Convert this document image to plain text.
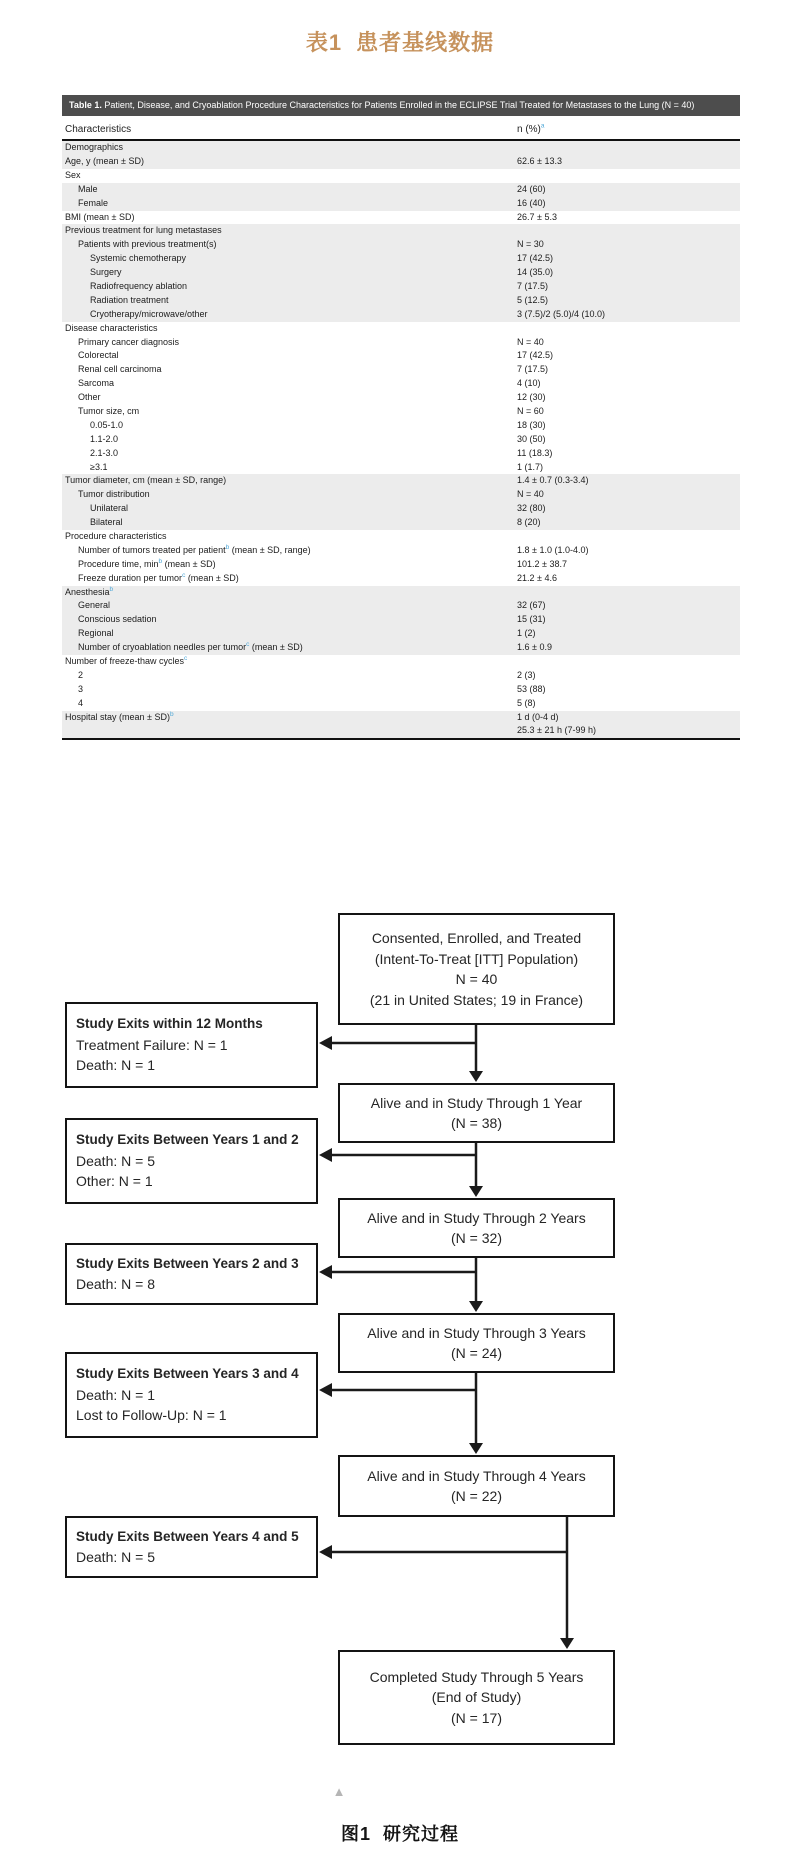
表1 患者基线数据
Table 1. Patient, Disease, and Cryoablation Procedure Characteristics for Patients Enrolled in the ECLIPSE Trial Treated for Metastases to the Lung (N = 40)
Characteristics	n (%)$^a$
Demographics
Age, y (mean ± SD)	62.6 ± 13.3
Sex
Male	24 (60)
Female	16 (40)
BMI (mean ± SD)	26.7 ± 5.3
Previous treatment for lung metastases
Patients with previous treatment(s)	N = 30
Systemic chemotherapy	17 (42.5)
Surgery	14 (35.0)
Radiofrequency ablation	7 (17.5)
Radiation treatment	5 (12.5)
Cryotherapy/microwave/other	3 (7.5)/2 (5.0)/4 (10.0)
Disease characteristics
Primary cancer diagnosis	N = 40
Colorectal	17 (42.5)
Renal cell carcinoma	7 (17.5)
Sarcoma	4 (10)
Other	12 (30)
Tumor size, cm	N = 60
0.05-1.0	18 (30)
1.1-2.0	30 (50)
2.1-3.0	11 (18.3)
≥3.1	1 (1.7)
Tumor diameter, cm (mean ± SD, range)	1.4 ± 0.7 (0.3-3.4)
Tumor distribution	N = 40
Unilateral	32 (80)
Bilateral	8 (20)
Procedure characteristics
Number of tumors treated per patient$^b$ (mean ± SD, range)	1.8 ± 1.0 (1.0-4.0)
Procedure time, $\min^b$ (mean ± SD)	101.2 ± 38.7
Freeze duration per tumor$^c$ (mean ± SD)	21.2 ± 4.6
Anesthesia$^b$
General	32 (67)
Conscious sedation	15 (31)
Regional	1 (2)
Number of cryoablation needles per tumor$^c$ (mean ± SD)	1.6 ± 0.9
Number of freeze-thaw cycles$^c$
2	2 (3)
3	53 (88)
4	5 (8)
Hospital stay (mean ± SD)$^b$	1 d (0-4 d)
25.3 ± 21 h (7-99 h)
Consented, Enrolled, and Treated
(Intent-To-Treat [ITT] Population)
N = 40
(21 in United States; 19 in France)
Alive and in Study Through 1 Year
(N = 38)
Alive and in Study Through 2 Years
(N = 32)
Alive and in Study Through 3 Years
(N = 24)
Alive and in Study Through 4 Years
(N = 22)
Completed Study Through 5 Years
(End of Study)
(N = 17)
Study Exits within 12 Months
Treatment Failure: N = 1
Death: N = 1
Study Exits Between Years 1 and 2
Death: N = 5
Other: N = 1
Study Exits Between Years 2 and 3
Death: N = 8
Study Exits Between Years 3 and 4
Death: N = 1
Lost to Follow-Up: N = 1
Study Exits Between Years 4 and 5
Death: N = 5
▲
图1 研究过程
